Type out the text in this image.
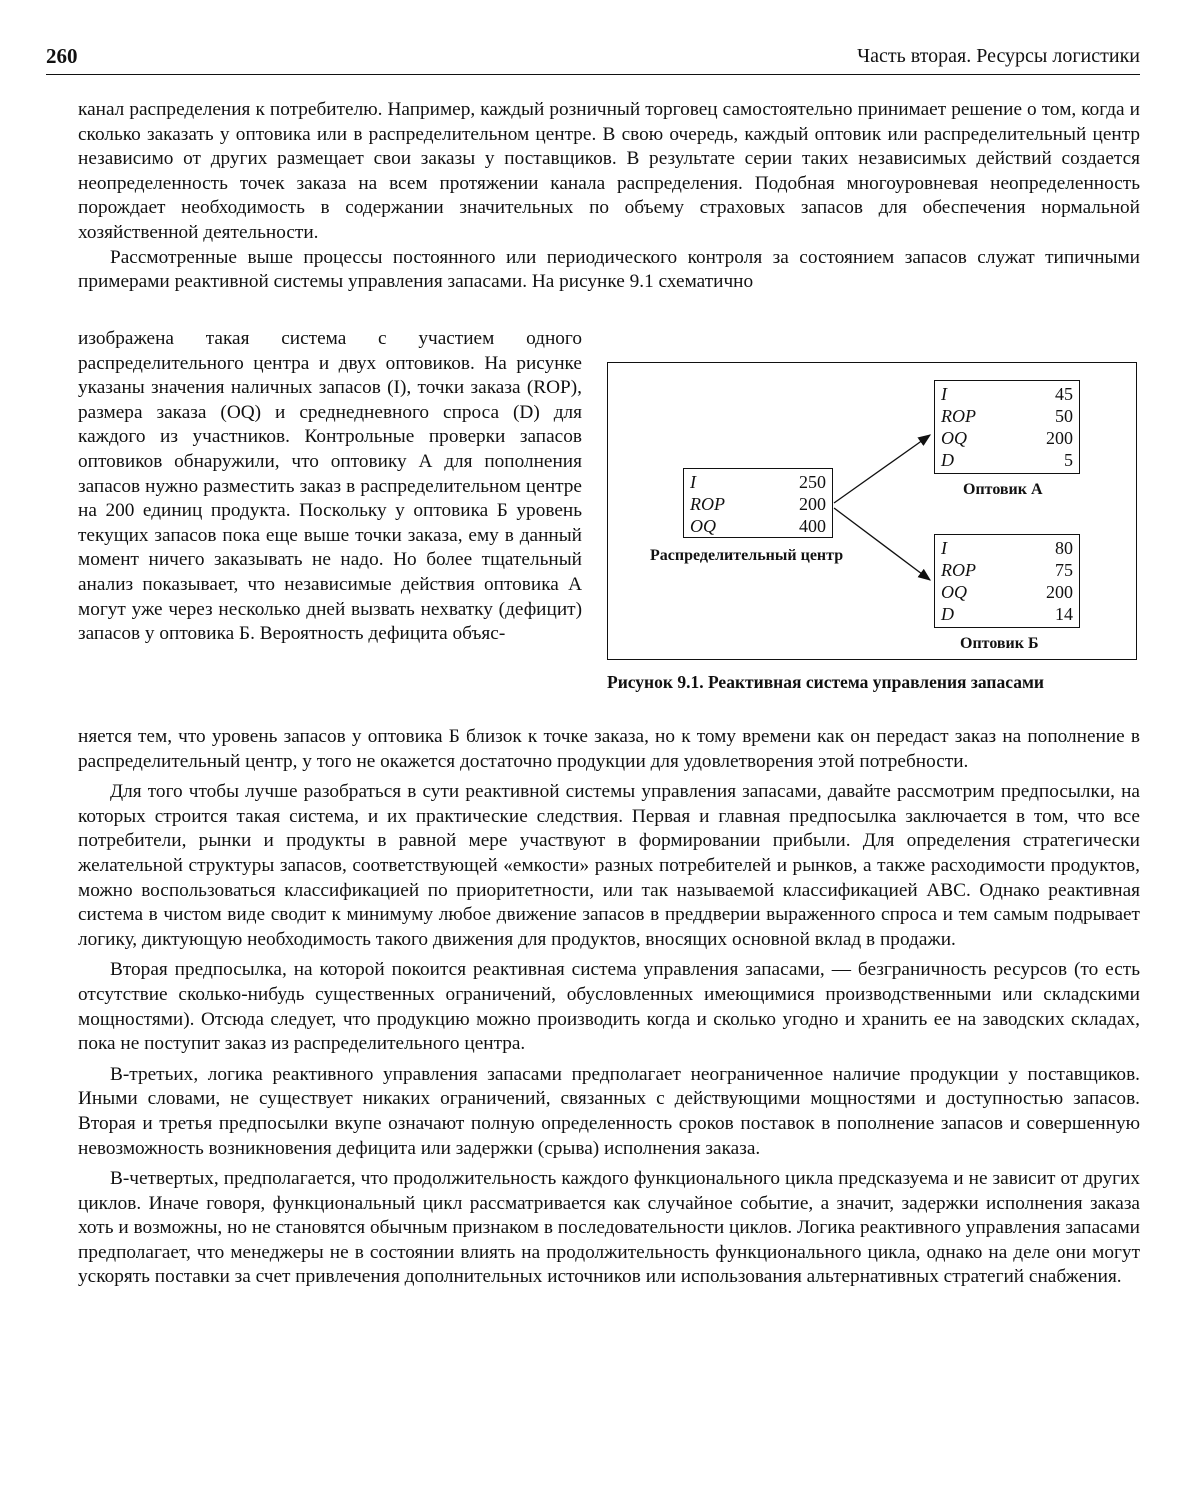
260	Часть вторая. Ресурсы логистики

канал распределения к потребителю. Например, каждый розничный торговец самостоятельно принимает решение о том, когда и сколько заказать у оптовика или в распределительном центре. В свою очередь, каждый оптовик или распределительный центр независимо от других размещает свои заказы у поставщиков. В результате серии таких независимых действий создается неопределенность точек заказа на всем протяжении канала распределения. Подобная многоуровневая неопределенность порождает необходимость в содержании значительных по объему страховых запасов для обеспечения нормальной хозяйственной деятельности.

Рассмотренные выше процессы постоянного или периодического контроля за состоянием запасов служат типичными примерами реактивной системы управления запасами. На рисунке 9.1 схематично

изображена такая система с участием одного распределительного центра и двух оптовиков. На рисунке указаны значения наличных запасов (I), точки заказа (ROP), размера заказа (OQ) и среднедневного спроса (D) для каждого из участников. Контрольные проверки запасов оптовиков обнаружили, что оптовику А для пополнения запасов нужно разместить заказ в распределительном центре на 200 единиц продукта. Поскольку у оптовика Б уровень текущих запасов пока еще выше точки заказа, ему в данный момент ничего заказывать не надо. Но более тщательный анализ показывает, что независимые действия оптовика А могут уже через несколько дней вызвать нехватку (дефицит) запасов у оптовика Б. Вероятность дефицита объяс-

I	250
ROP	200
OQ	400
Распределительный центр
I	45
ROP	50
OQ	200
D	5
Оптовик А
I	80
ROP	75
OQ	200
D	14
Оптовик Б
Рисунок 9.1. Реактивная система управления запасами

няется тем, что уровень запасов у оптовика Б близок к точке заказа, но к тому времени как он передаст заказ на пополнение в распределительный центр, у того не окажется достаточно продукции для удовлетворения этой потребности.

Для того чтобы лучше разобраться в сути реактивной системы управления запасами, давайте рассмотрим предпосылки, на которых строится такая система, и их практические следствия. Первая и главная предпосылка заключается в том, что все потребители, рынки и продукты в равной мере участвуют в формировании прибыли. Для определения стратегически желательной структуры запасов, соответствующей «емкости» разных потребителей и рынков, а также расходимости продуктов, можно воспользоваться классификацией по приоритетности, или так называемой классификацией ABC. Однако реактивная система в чистом виде сводит к минимуму любое движение запасов в преддверии выраженного спроса и тем самым подрывает логику, диктующую необходимость такого движения для продуктов, вносящих основной вклад в продажи.

Вторая предпосылка, на которой покоится реактивная система управления запасами, — безграничность ресурсов (то есть отсутствие сколько-нибудь существенных ограничений, обусловленных имеющимися производственными или складскими мощностями). Отсюда следует, что продукцию можно производить когда и сколько угодно и хранить ее на заводских складах, пока не поступит заказ из распределительного центра.

В-третьих, логика реактивного управления запасами предполагает неограниченное наличие продукции у поставщиков. Иными словами, не существует никаких ограничений, связанных с действующими мощностями и доступностью запасов. Вторая и третья предпосылки вкупе означают полную определенность сроков поставок в пополнение запасов и совершенную невозможность возникновения дефицита или задержки (срыва) исполнения заказа.

В-четвертых, предполагается, что продолжительность каждого функционального цикла предсказуема и не зависит от других циклов. Иначе говоря, функциональный цикл рассматривается как случайное событие, а значит, задержки исполнения заказа хоть и возможны, но не становятся обычным признаком в последовательности циклов. Логика реактивного управления запасами предполагает, что менеджеры не в состоянии влиять на продолжительность функционального цикла, однако на деле они могут ускорять поставки за счет привлечения дополнительных источников или использования альтернативных стратегий снабжения.
